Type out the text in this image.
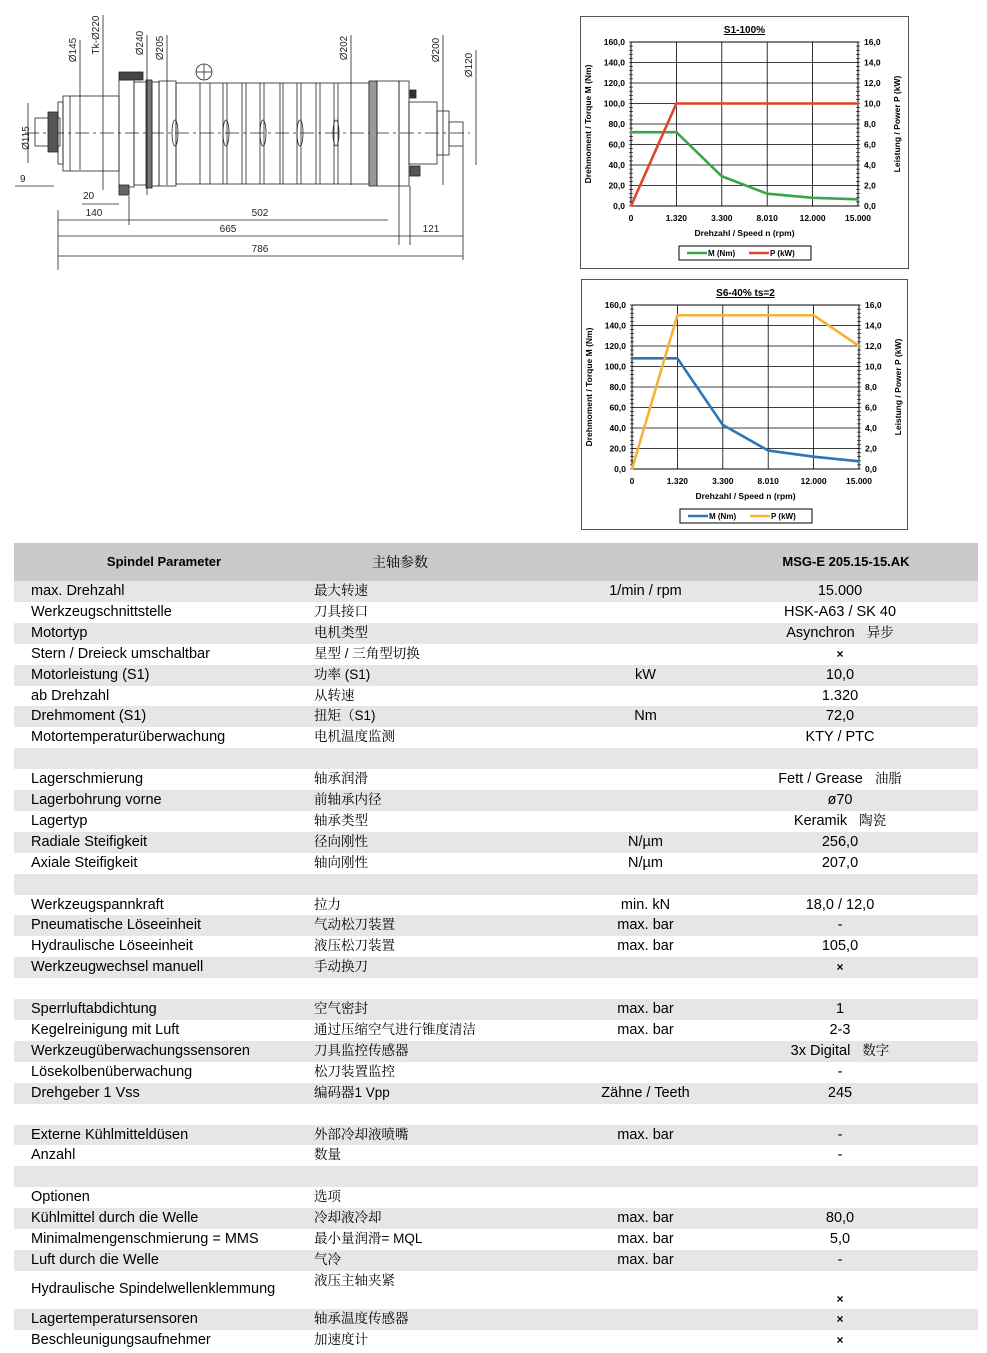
Ø115
Ø145 Tk-Ø220	Ø240 Ø205	Ø202	Ø200
Ø120
9
20
140	502
665	121
786
S1-100%
0,0	0,0
20,0	2,0
40,0	4,0
60,0	6,0
80,0	8,0
100,0	10,0
120,0	12,0
140,0	14,0
160,0	16,0
0	1.320	3.300	8.010	12.000 15.000
Drehzahl / Speed n (rpm)
Drehmoment / Torque M (Nm)	Leistung / Power P (kW)
M (Nm)	P (kW)
S6-40% ts=2
0,0	0,0
20,0	2,0
40,0	4,0
60,0	6,0
80,0	8,0
100,0	10,0
120,0	12,0
140,0	14,0
160,0	16,0
0	1.320	3.300	8.010	12.000 15.000
Drehzahl / Speed n (rpm)
Drehmoment / Torque M (Nm)	Leistung / Power P (kW)
M (Nm)	P (kW)
Spindel Parameter	主轴参数		MSG-E 205.15-15.AK
max. Drehzahl	最大转速	1/min / rpm	15.000
Werkzeugschnittstelle	刀具接口		HSK-A63 / SK 40
Motortyp	电机类型		Asynchron 异步
Stern / Dreieck umschaltbar	星型 / 三角型切换		×
Motorleistung (S1)	功率 (S1)	kW	10,0
ab Drehzahl	从转速		1.320
Drehmoment (S1)	扭矩（S1)	Nm	72,0
Motortemperaturüberwachung	电机温度监测		KTY / PTC

Lagerschmierung	轴承润滑		Fett / Grease 油脂
Lagerbohrung vorne	前轴承内径		ø70
Lagertyp	轴承类型		Keramik 陶瓷
Radiale Steifigkeit	径向刚性	N/µm	256,0
Axiale Steifigkeit	轴向刚性	N/µm	207,0

Werkzeugspannkraft	拉力	min. kN	18,0 / 12,0
Pneumatische Löseeinheit	气动松刀装置	max. bar	-
Hydraulische Löseeinheit	液压松刀装置	max. bar	105,0
Werkzeugwechsel manuell	手动换刀		×

Sperrluftabdichtung	空气密封	max. bar	1
Kegelreinigung mit Luft	通过压缩空气进行锥度清洁	max. bar	2-3
Werkzeugüberwachungssensoren	刀具监控传感器		3x Digital 数字
Lösekolbenüberwachung	松刀装置监控		-
Drehgeber 1 Vss	编码器1 Vpp	Zähne / Teeth	245

Externe Kühlmitteldüsen	外部冷却液喷嘴	max. bar	-
Anzahl	数量		-

Optionen	选项		
Kühlmittel durch die Welle	冷却液冷却	max. bar	80,0
Minimalmengenschmierung = MMS	最小量润滑= MQL	max. bar	5,0
Luft durch die Welle	气冷	max. bar	-

Hydraulische Spindelwellenklemmung	液压主轴夹紧		×
Lagertemperatursensoren	轴承温度传感器		×
Beschleunigungsaufnehmer	加速度计		×
